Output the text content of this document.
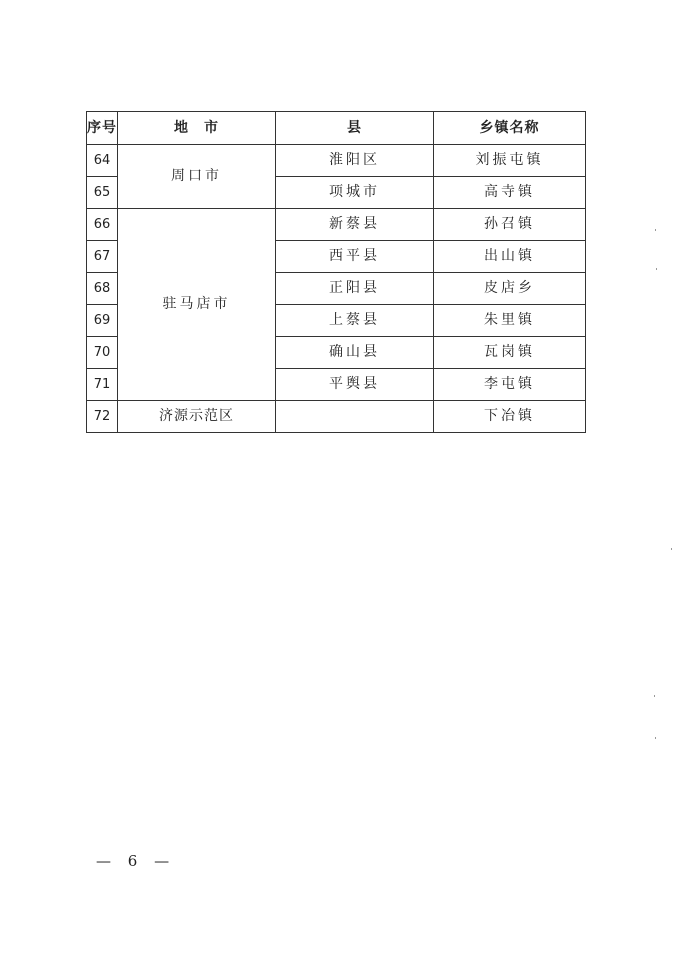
序号	地　市	县	乡镇名称
64	周口市	淮阳区	刘振屯镇
65		项城市	高寺镇
66	驻马店市	新蔡县	孙召镇
67		西平县	出山镇
68		正阳县	皮店乡
69		上蔡县	朱里镇
70		确山县	瓦岗镇
71		平舆县	李屯镇
72	济源示范区		下冶镇
— 6 —
